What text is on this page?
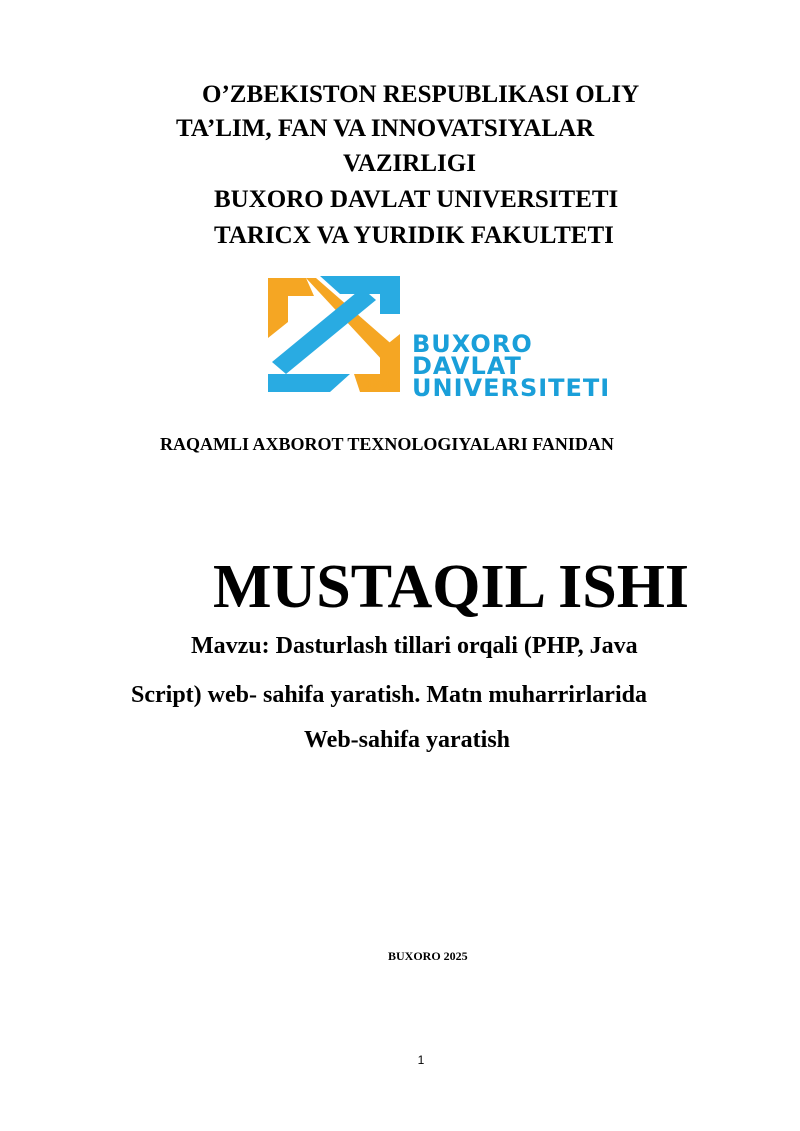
O’ZBEKISTON RESPUBLIKASI OLIY

TA’LIM, FAN VA INNOVATSIYALAR

VAZIRLIGI

BUXORO DAVLAT UNIVERSITETI

TARICX VA YURIDIK FAKULTETI

1930
BUXORO
DAVLAT
UNIVERSITETI

RAQAMLI AXBOROT TEXNOLOGIYALARI FANIDAN

MUSTAQIL ISHI

Mavzu: Dasturlash tillari orqali (PHP, Java

Script) web- sahifa yaratish. Matn muharrirlarida

Web-sahifa yaratish

BUXORO 2025

1
